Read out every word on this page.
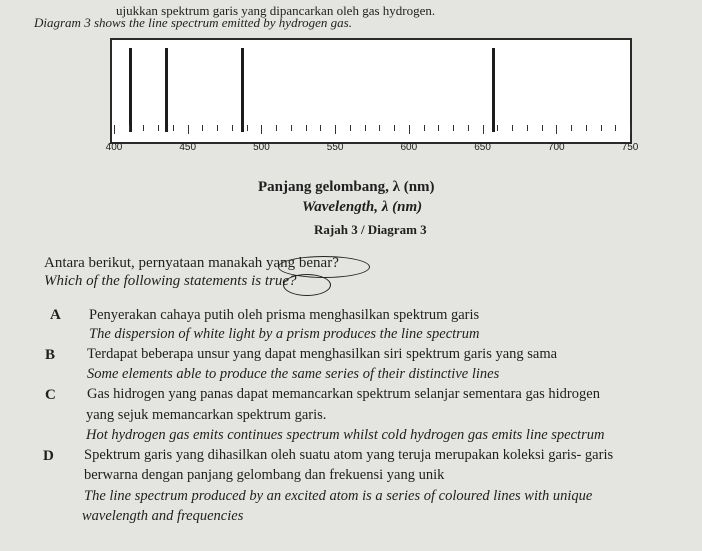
ujukkan spektrum garis yang dipancarkan oleh gas hydrogen.
Diagram 3 shows the line spectrum emitted by hydrogen gas.
400	450	500	550	600	650	700	750
Panjang gelombang, λ (nm)
Wavelength, λ (nm)
Rajah 3 / Diagram 3
Antara berikut, pernyataan manakah yang benar?
Which of the following statements is true?
A Penyerakan cahaya putih oleh prisma menghasilkan spektrum garis
The dispersion of white light by a prism produces the line spectrum
B Terdapat beberapa unsur yang dapat menghasilkan siri spektrum garis yang sama
Some elements able to produce the same series of their distinctive lines
C Gas hidrogen yang panas dapat memancarkan spektrum selanjar sementara gas hidrogen
yang sejuk memancarkan spektrum garis.
Hot hydrogen gas emits continues spectrum whilst cold hydrogen gas emits line spectrum
D Spektrum garis yang dihasilkan oleh suatu atom yang teruja merupakan koleksi garis- garis
berwarna dengan panjang gelombang dan frekuensi yang unik
The line spectrum produced by an excited atom is a series of coloured lines with unique
wavelength and frequencies
